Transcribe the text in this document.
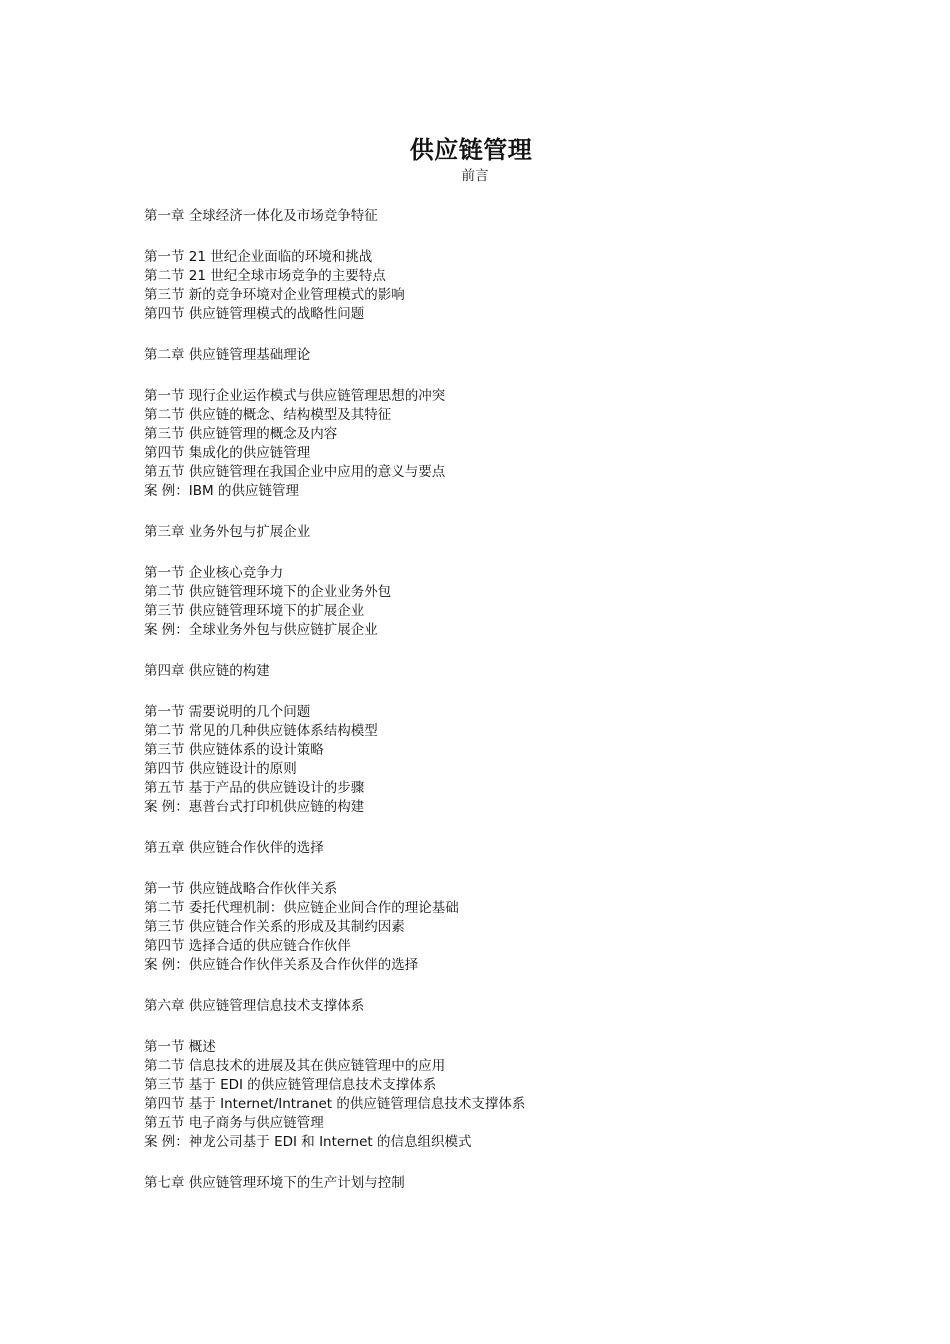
供应链管理
前言
第一章 全球经济一体化及市场竞争特征
第一节 21 世纪企业面临的环境和挑战
第二节 21 世纪全球市场竞争的主要特点
第三节 新的竞争环境对企业管理模式的影响
第四节 供应链管理模式的战略性问题
第二章 供应链管理基础理论
第一节 现行企业运作模式与供应链管理思想的冲突
第二节 供应链的概念、结构模型及其特征
第三节 供应链管理的概念及内容
第四节 集成化的供应链管理
第五节 供应链管理在我国企业中应用的意义与要点
案 例：IBM 的供应链管理
第三章 业务外包与扩展企业
第一节 企业核心竞争力
第二节 供应链管理环境下的企业业务外包
第三节 供应链管理环境下的扩展企业
案 例：全球业务外包与供应链扩展企业
第四章 供应链的构建
第一节 需要说明的几个问题
第二节 常见的几种供应链体系结构模型
第三节 供应链体系的设计策略
第四节 供应链设计的原则
第五节 基于产品的供应链设计的步骤
案 例：惠普台式打印机供应链的构建
第五章 供应链合作伙伴的选择
第一节 供应链战略合作伙伴关系
第二节 委托代理机制：供应链企业间合作的理论基础
第三节 供应链合作关系的形成及其制约因素
第四节 选择合适的供应链合作伙伴
案 例：供应链合作伙伴关系及合作伙伴的选择
第六章 供应链管理信息技术支撑体系
第一节 概述
第二节 信息技术的进展及其在供应链管理中的应用
第三节 基于 EDI 的供应链管理信息技术支撑体系
第四节 基于 Internet/Intranet 的供应链管理信息技术支撑体系
第五节 电子商务与供应链管理
案 例：神龙公司基于 EDI 和 Internet 的信息组织模式
第七章 供应链管理环境下的生产计划与控制
